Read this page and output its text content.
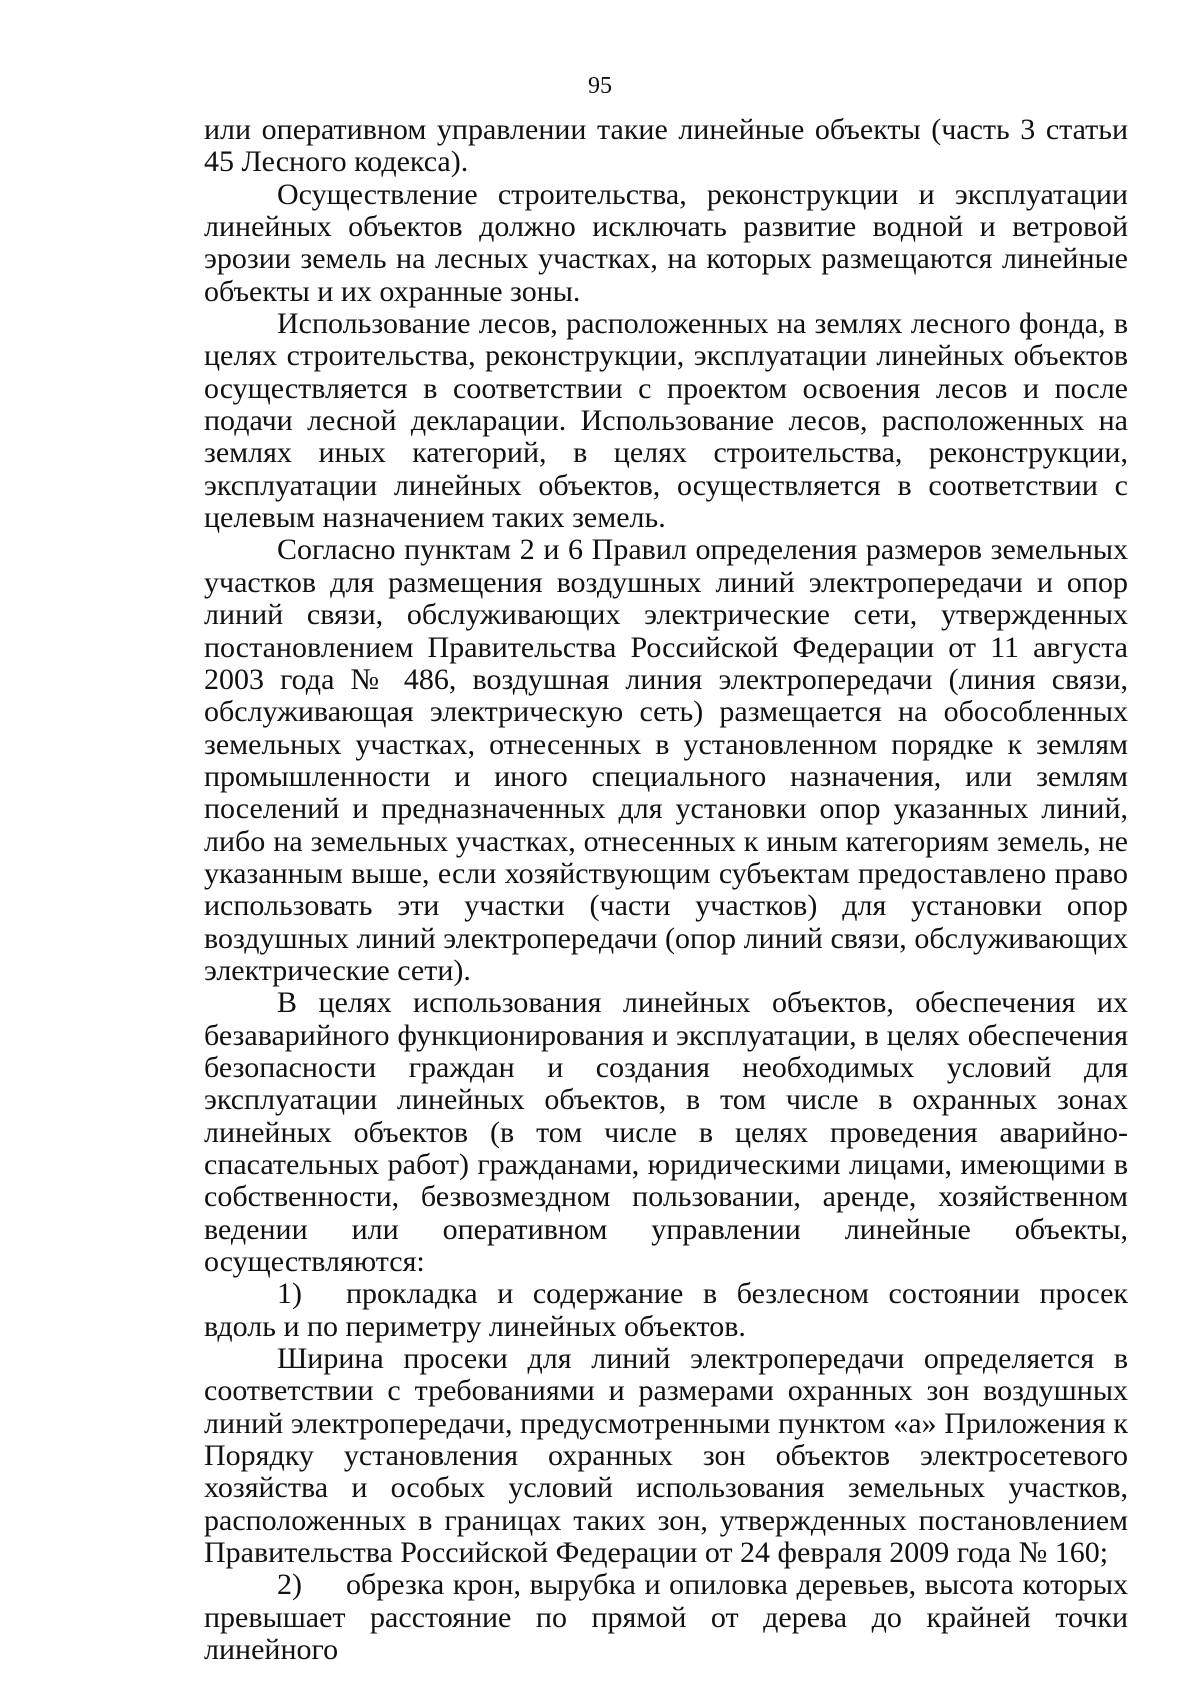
95

или оперативном управлении такие линейные объекты (часть 3 статьи 45 Лесного кодекса).

Осуществление строительства, реконструкции и эксплуатации линейных объектов должно исключать развитие водной и ветровой эрозии земель на лесных участках, на которых размещаются линейные объекты и их охранные зоны.

Использование лесов, расположенных на землях лесного фонда, в целях строительства, реконструкции, эксплуатации линейных объектов осуществляется в соответствии с проектом освоения лесов и после подачи лесной декларации. Использование лесов, расположенных на землях иных категорий, в целях строительства, реконструкции, эксплуатации линейных объектов, осуществляется в соответствии с целевым назначением таких земель.

Согласно пунктам 2 и 6 Правил определения размеров земельных участков для размещения воздушных линий электропередачи и опор линий связи, обслуживающих электрические сети, утвержденных постановлением Правительства Российской Федерации от 11 августа 2003 года № 486, воздушная линия электропередачи (линия связи, обслуживающая электрическую сеть) размещается на обособленных земельных участках, отнесенных в установленном порядке к землям промышленности и иного специального назначения, или землям поселений и предназначенных для установки опор указанных линий, либо на земельных участках, отнесенных к иным категориям земель, не указанным выше, если хозяйствующим субъектам предоставлено право использовать эти участки (части участков) для установки опор воздушных линий электропередачи (опор линий связи, обслуживающих электрические сети).

В целях использования линейных объектов, обеспечения их безаварийного функционирования и эксплуатации, в целях обеспечения безопасности граждан и создания необходимых условий для эксплуатации линейных объектов, в том числе в охранных зонах линейных объектов (в том числе в целях проведения аварийно-спасательных работ) гражданами, юридическими лицами, имеющими в собственности, безвозмездном пользовании, аренде, хозяйственном ведении или оперативном управлении линейные объекты, осуществляются:

1) прокладка и содержание в безлесном состоянии просек вдоль и по периметру линейных объектов.

Ширина просеки для линий электропередачи определяется в соответствии с требованиями и размерами охранных зон воздушных линий электропередачи, предусмотренными пунктом «а» Приложения к Порядку установления охранных зон объектов электросетевого хозяйства и особых условий использования земельных участков, расположенных в границах таких зон, утвержденных постановлением Правительства Российской Федерации от 24 февраля 2009 года № 160;

2) обрезка крон, вырубка и опиловка деревьев, высота которых превышает расстояние по прямой от дерева до крайней точки линейного
